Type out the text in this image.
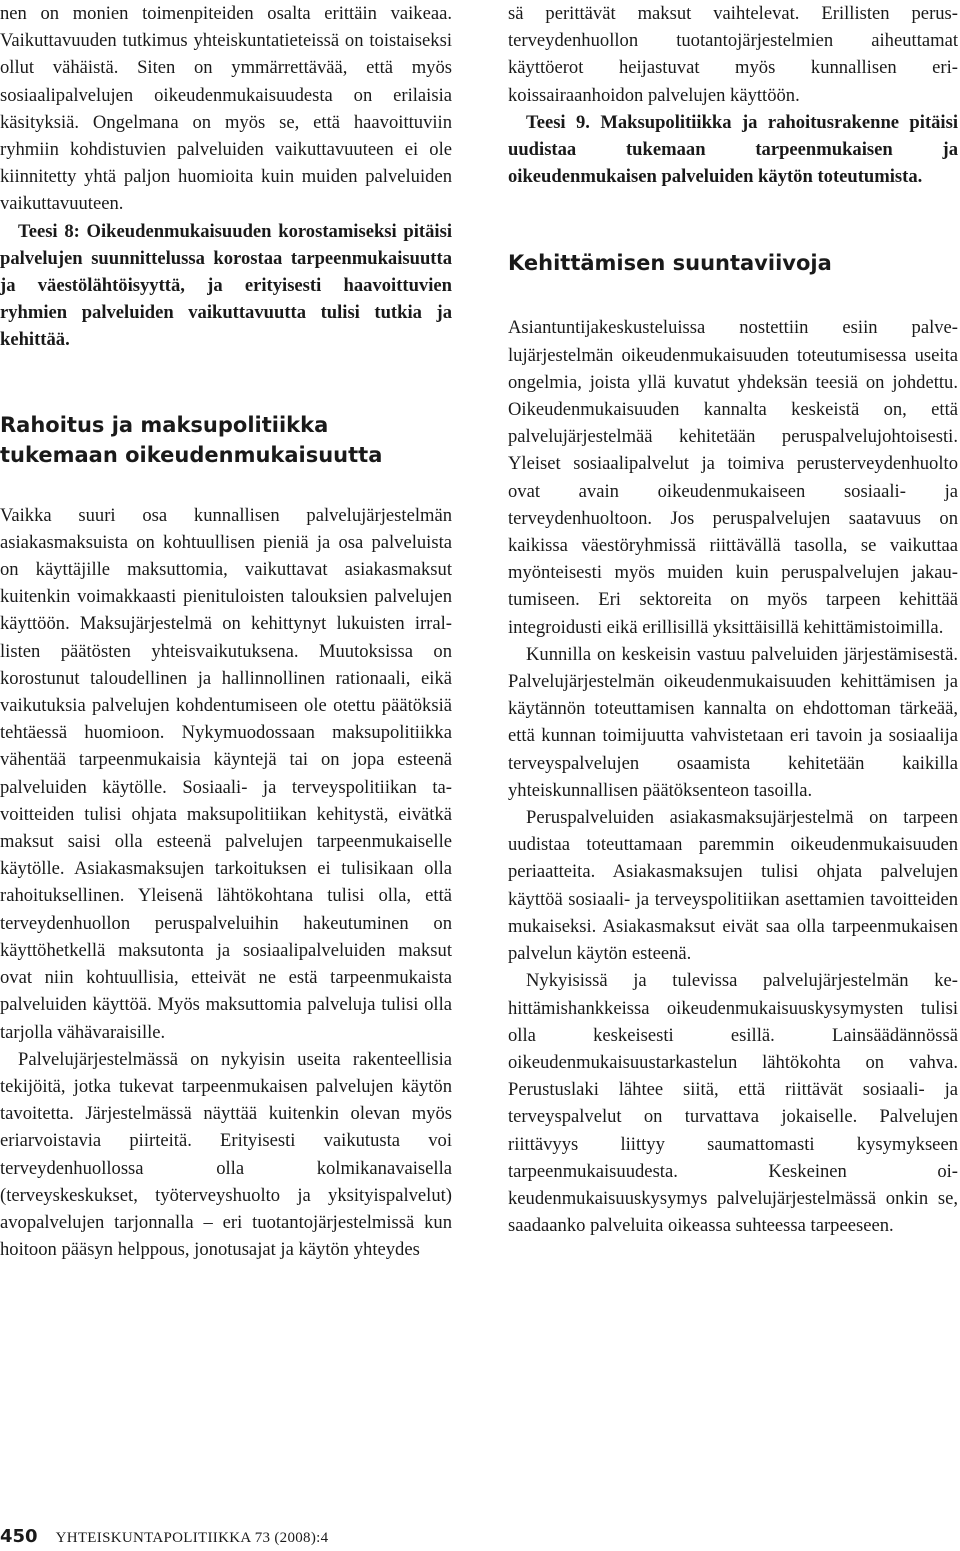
nen on monien toimenpiteiden osalta erittäin vaikeaa. Vaikuttavuuden tutkimus yhteiskuntatieteissä on toistaiseksi ollut vähäistä. Siten on ymmärrettävää, että myös sosiaalipalvelujen oikeudenmukaisuudesta on erilaisia käsityksiä. Ongelmana on myös se, että haavoittuviin ryhmiin kohdistuvien palveluiden vaikuttavuuteen ei ole kiinnitetty yhtä paljon huomioita kuin muiden palveluiden vaikuttavuuteen.

Teesi 8: Oikeudenmukaisuuden korostamiseksi pitäisi palvelujen suunnittelussa korostaa tarpeenmukaisuutta ja väestölähtöisyyttä, ja erityisesti haavoittuvien ryhmien palveluiden vaikuttavuutta tulisi tutkia ja kehittää.

Rahoitus ja maksupolitiikka tukemaan oikeudenmukaisuutta

Vaikka suuri osa kunnallisen palvelujärjestelmän asiakasmaksuista on kohtuullisen pieniä ja osa palveluista on käyttäjille maksuttomia, vaikuttavat asiakasmaksut kuitenkin voimakkaasti pienituloisten talouksien palvelujen käyttöön. Maksujärjestelmä on kehittynyt lukuisten irrallisten päätösten yhteisvaikutuksena. Muutoksissa on korostunut taloudellinen ja hallinnollinen rationaali, eikä vaikutuksia palvelujen kohdentumiseen ole otettu päätöksiä tehtäessä huomioon. Nykymuodossaan maksupolitiikka vähentää tarpeenmukaisia käyntejä tai on jopa esteenä palveluiden käytölle. Sosiaali- ja terveyspolitiikan tavoitteiden tulisi ohjata maksupolitiikan kehitystä, eivätkä maksut saisi olla esteenä palvelujen tarpeenmukaiselle käytölle. Asiakasmaksujen tarkoituksen ei tulisikaan olla rahoituksellinen. Yleisenä lähtökohtana tulisi olla, että terveydenhuollon peruspalveluihin hakeutuminen on käyttöhetkellä maksutonta ja sosiaalipalveluiden maksut ovat niin kohtuullisia, etteivät ne estä tarpeenmukaista palveluiden käyttöä. Myös maksuttomia palveluja tulisi olla tarjolla vähävaraisille.

Palvelujärjestelmässä on nykyisin useita rakenteellisia tekijöitä, jotka tukevat tarpeenmukaisen palvelujen käytön tavoitetta. Järjestelmässä näyttää kuitenkin olevan myös eriarvoistavia piirteitä. Erityisesti vaikutusta voi terveydenhuollossa olla kolmikanavaisella (terveyskeskukset, työterveyshuolto ja yksityispalvelut) avopalvelujen tarjonnalla – eri tuotantojärjestelmissä kun hoitoon pääsyn helppous, jonotusajat ja käytön yhteydes

sä perittävät maksut vaihtelevat. Erillisten perusterveydenhuollon tuotantojärjestelmien aiheuttamat käyttöerot heijastuvat myös kunnallisen erikoissairaanhoidon palvelujen käyttöön.

Teesi 9. Maksupolitiikka ja rahoitusrakenne pitäisi uudistaa tukemaan tarpeenmukaisen ja oikeudenmukaisen palveluiden käytön toteutumista.

Kehittämisen suuntaviivoja

Asiantuntijakeskusteluissa nostettiin esiin palvelujärjestelmän oikeudenmukaisuuden toteutumisessa useita ongelmia, joista yllä kuvatut yhdeksän teesiä on johdettu. Oikeudenmukaisuuden kannalta keskeistä on, että palvelujärjestelmää kehitetään peruspalvelujohtoisesti. Yleiset sosiaalipalvelut ja toimiva perusterveydenhuolto ovat avain oikeudenmukaiseen sosiaali- ja terveydenhuoltoon. Jos peruspalvelujen saatavuus on kaikissa väestöryhmissä riittävällä tasolla, se vaikuttaa myönteisesti myös muiden kuin peruspalvelujen jakautumiseen. Eri sektoreita on myös tarpeen kehittää integroidusti eikä erillisillä yksittäisillä kehittämistoimilla.

Kunnilla on keskeisin vastuu palveluiden järjestämisestä. Palvelujärjestelmän oikeudenmukaisuuden kehittämisen ja käytännön toteuttamisen kannalta on ehdottoman tärkeää, että kunnan toimijuutta vahvistetaan eri tavoin ja sosiaalija terveyspalvelujen osaamista kehitetään kaikilla yhteiskunnallisen päätöksenteon tasoilla.

Peruspalveluiden asiakasmaksujärjestelmä on tarpeen uudistaa toteuttamaan paremmin oikeudenmukaisuuden periaatteita. Asiakasmaksujen tulisi ohjata palvelujen käyttöä sosiaali- ja terveyspolitiikan asettamien tavoitteiden mukaiseksi. Asiakasmaksut eivät saa olla tarpeenmukaisen palvelun käytön esteenä.

Nykyisissä ja tulevissa palvelujärjestelmän kehittämishankkeissa oikeudenmukaisuuskysymysten tulisi olla keskeisesti esillä. Lainsäädännössä oikeudenmukaisuustarkastelun lähtökohta on vahva. Perustuslaki lähtee siitä, että riittävät sosiaali- ja terveyspalvelut on turvattava jokaiselle. Palvelujen riittävyys liittyy saumattomasti kysymykseen tarpeenmukaisuudesta. Keskeinen oikeudenmukaisuuskysymys palvelujärjestelmässä onkin se, saadaanko palveluita oikeassa suhteessa tarpeeseen.

450 YHTEISKUNTAPOLITIIKKA 73 (2008):4
